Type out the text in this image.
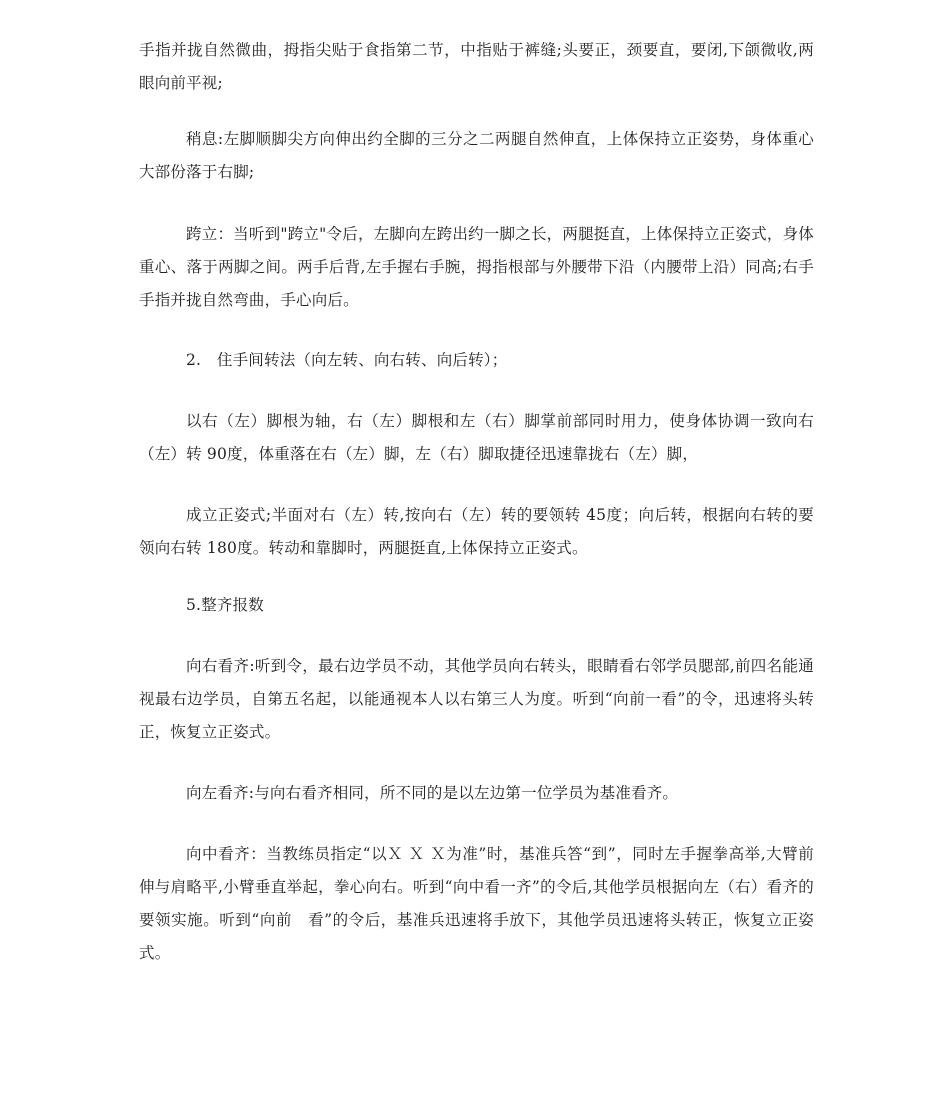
手指并拢自然微曲，拇指尖贴于食指第二节，中指贴于裤缝;头要正，颈要直，要闭,下颌微收,两眼向前平视;

稍息:左脚顺脚尖方向伸出约全脚的三分之二两腿自然伸直，上体保持立正姿势，身体重心大部份落于右脚;

跨立：当听到"跨立"令后，左脚向左跨出约一脚之长，两腿挺直，上体保持立正姿式，身体重心、落于两脚之间。两手后背,左手握右手腕，拇指根部与外腰带下沿（内腰带上沿）同高;右手手指并拢自然弯曲，手心向后。

2.　住手间转法（向左转、向右转、向后转）；

以右（左）脚根为轴，右（左）脚根和左（右）脚掌前部同时用力，使身体协调一致向右（左）转 90度，体重落在右（左）脚，左（右）脚取捷径迅速靠拢右（左）脚，

成立正姿式;半面对右（左）转,按向右（左）转的要领转 45度；向后转，根据向右转的要领向右转 180度。转动和靠脚时，两腿挺直,上体保持立正姿式。

5.整齐报数

向右看齐:听到令，最右边学员不动，其他学员向右转头，眼睛看右邻学员腮部,前四名能通视最右边学员，自第五名起，以能通视本人以右第三人为度。听到“向前一看”的令，迅速将头转正，恢复立正姿式。

向左看齐:与向右看齐相同，所不同的是以左边第一位学员为基准看齐。

向中看齐：当教练员指定“以Ｘ Ｘ Ｘ为准”时，基准兵答“到”，同时左手握拳高举,大臂前伸与肩略平,小臂垂直举起，拳心向右。听到“向中看一齐”的令后,其他学员根据向左（右）看齐的要领实施。听到“向前　看”的令后，基准兵迅速将手放下，其他学员迅速将头转正，恢复立正姿式。
